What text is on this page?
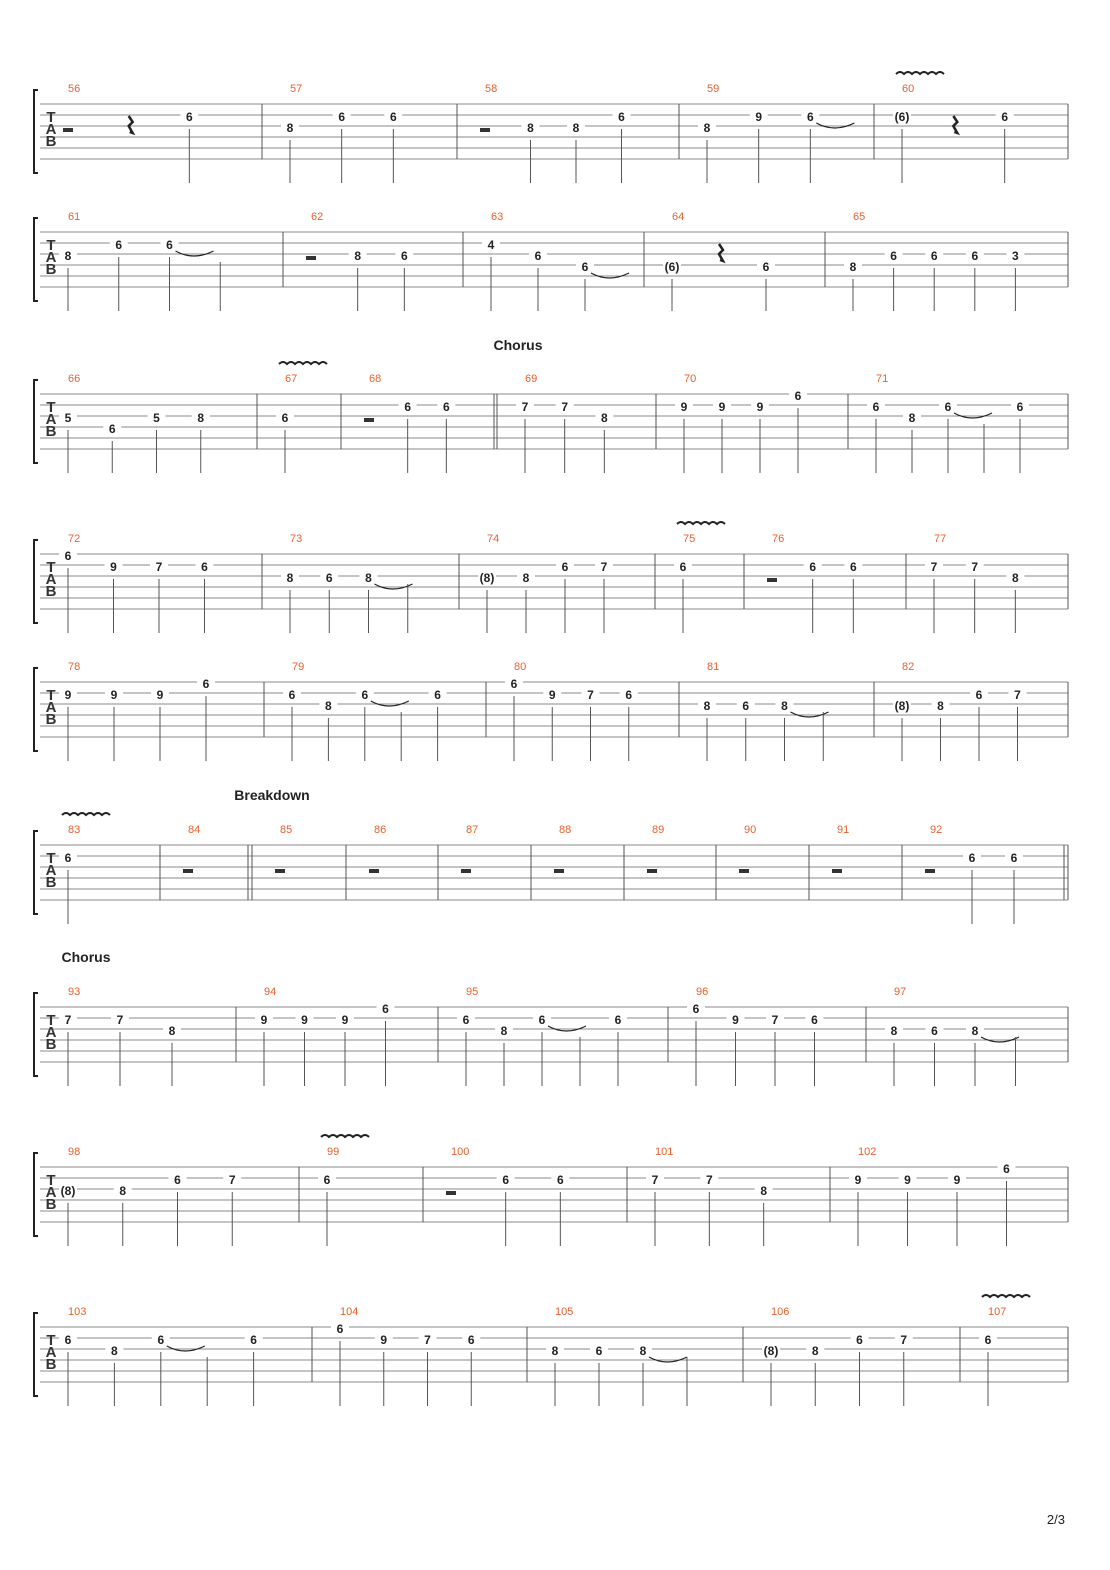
T
A
B
56
6
57
8
6	6
58
8	8
6
59
8
9	6
60
(6)	6
T
A
B
61
8
6	6
62
8	6
63
4
6
6
64
(6)	6
65
8
6	6	6	3
Chorus
T
A
B
66
5
6
5	8
67
6
68
6	6
69
7	7
8
70
9	9	9
6
71
6
8
6	6
T
A
B
72
6
9	7	6
73
8	6	8
74
(8) 8
6	7
75
6
76
6	6
77
7	7
8
T
A
B
78
9	9	9
6
79
6
8
6	6
80
6
9	7	6
81
8	6	8
82
(8) 8
6	7
Breakdown
T
A
B
83
6
84	85	86	87	88	89	90	91	92
6	6
Chorus
T
A
B
93
7	7
8
94
9	9	9
6
95
6
8
6	6
96
6
9	7	6
97
8	6	8
T
A
B
98
(8)	8
6	7
99
6
100
6	6
101
7	7
8
102
9	9	9
6
T
A
B
103
6
8
6	6
104
6
9	7	6
105
8	6	8
106
(8)	8
6	7
107
6
2/3
